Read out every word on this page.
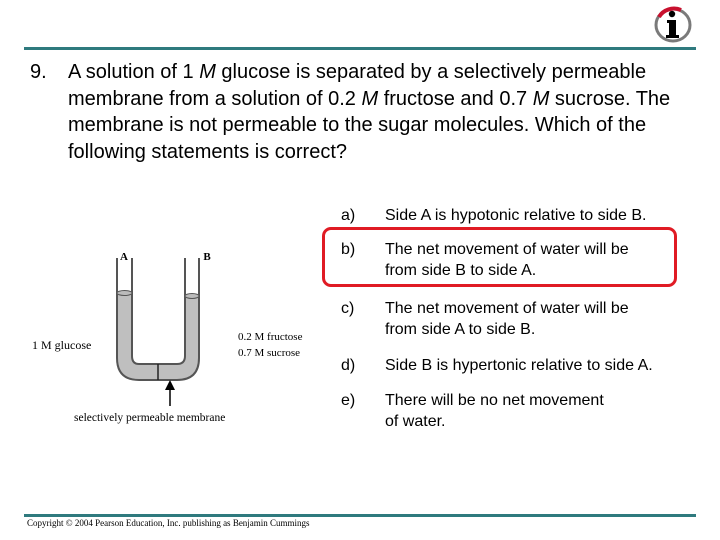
9. A solution of 1 M glucose is separated by a selectively permeable membrane from a solution of 0.2 M fructose and 0.7 M sucrose. The membrane is not permeable to the sugar molecules. Which of the following statements is correct?
A	B
1 M glucose
0.2 M fructose
0.7 M sucrose
selectively permeable membrane
a) Side A is hypotonic relative to side B.
b) The net movement of water will be
from side B to side A.
c) The net movement of water will be
from side A to side B.
d) Side B is hypertonic relative to side A.
e) There will be no net movement
of water.
Copyright © 2004 Pearson Education, Inc. publishing as Benjamin Cummings
